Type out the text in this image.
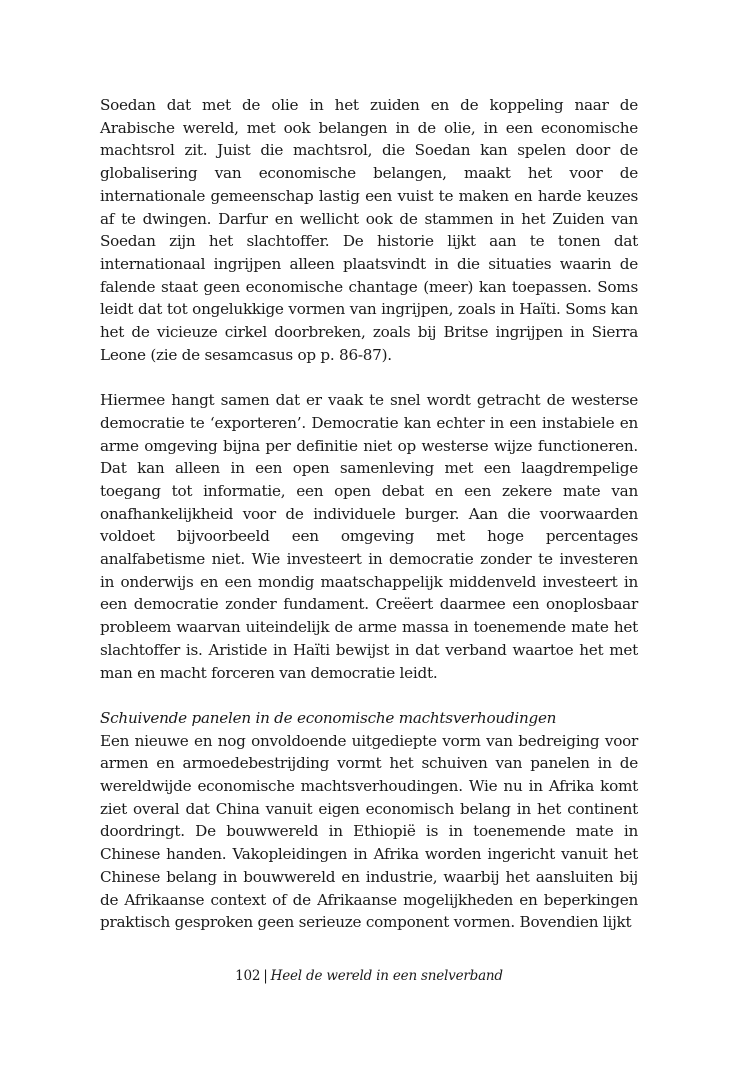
Soedan dat met de olie in het zuiden en de koppeling naar de Arabische wereld, met ook belangen in de olie, in een economische machtsrol zit. Juist die machtsrol, die Soedan kan spelen door de globalisering van economische belangen, maakt het voor de internationale gemeenschap lastig een vuist te maken en harde keuzes af te dwingen. Darfur en wellicht ook de stammen in het Zuiden van Soedan zijn het slachtoffer. De historie lijkt aan te tonen dat internationaal ingrijpen alleen plaatsvindt in die situaties waarin de falende staat geen economische chantage (meer) kan toepassen. Soms leidt dat tot ongelukkige vormen van ingrijpen, zoals in Haïti. Soms kan het de vicieuze cirkel doorbreken, zoals bij Britse ingrijpen in Sierra Leone (zie de sesamcasus op p. 86-87).

Hiermee hangt samen dat er vaak te snel wordt getracht de westerse democratie te ‘exporteren’. Democratie kan echter in een instabiele en arme omgeving bijna per definitie niet op westerse wijze functioneren. Dat kan alleen in een open samenleving met een laagdrempelige toegang tot informatie, een open debat en een zekere mate van onafhankelijkheid voor de individuele burger. Aan die voorwaarden voldoet bijvoorbeeld een omgeving met hoge percentages analfabetisme niet. Wie investeert in democratie zonder te investeren in onderwijs en een mondig maatschappelijk middenveld investeert in een democratie zonder fundament. Creëert daarmee een onoplosbaar probleem waarvan uiteindelijk de arme massa in toenemende mate het slachtoffer is. Aristide in Haïti bewijst in dat verband waartoe het met man en macht forceren van democratie leidt.

Schuivende panelen in de economische machtsverhoudingen

Een nieuwe en nog onvoldoende uitgediepte vorm van bedreiging voor armen en armoedebestrijding vormt het schuiven van panelen in de wereldwijde economische machtsverhoudingen. Wie nu in Afrika komt ziet overal dat China vanuit eigen economisch belang in het continent doordringt. De bouwwereld in Ethiopië is in toenemende mate in Chinese handen. Vakopleidingen in Afrika worden ingericht vanuit het Chinese belang in bouwwereld en industrie, waarbij het aansluiten bij de Afrikaanse context of de Afrikaanse mogelijkheden en beperkingen praktisch gesproken geen serieuze component vormen. Bovendien lijkt

102 | Heel de wereld in een snelverband
